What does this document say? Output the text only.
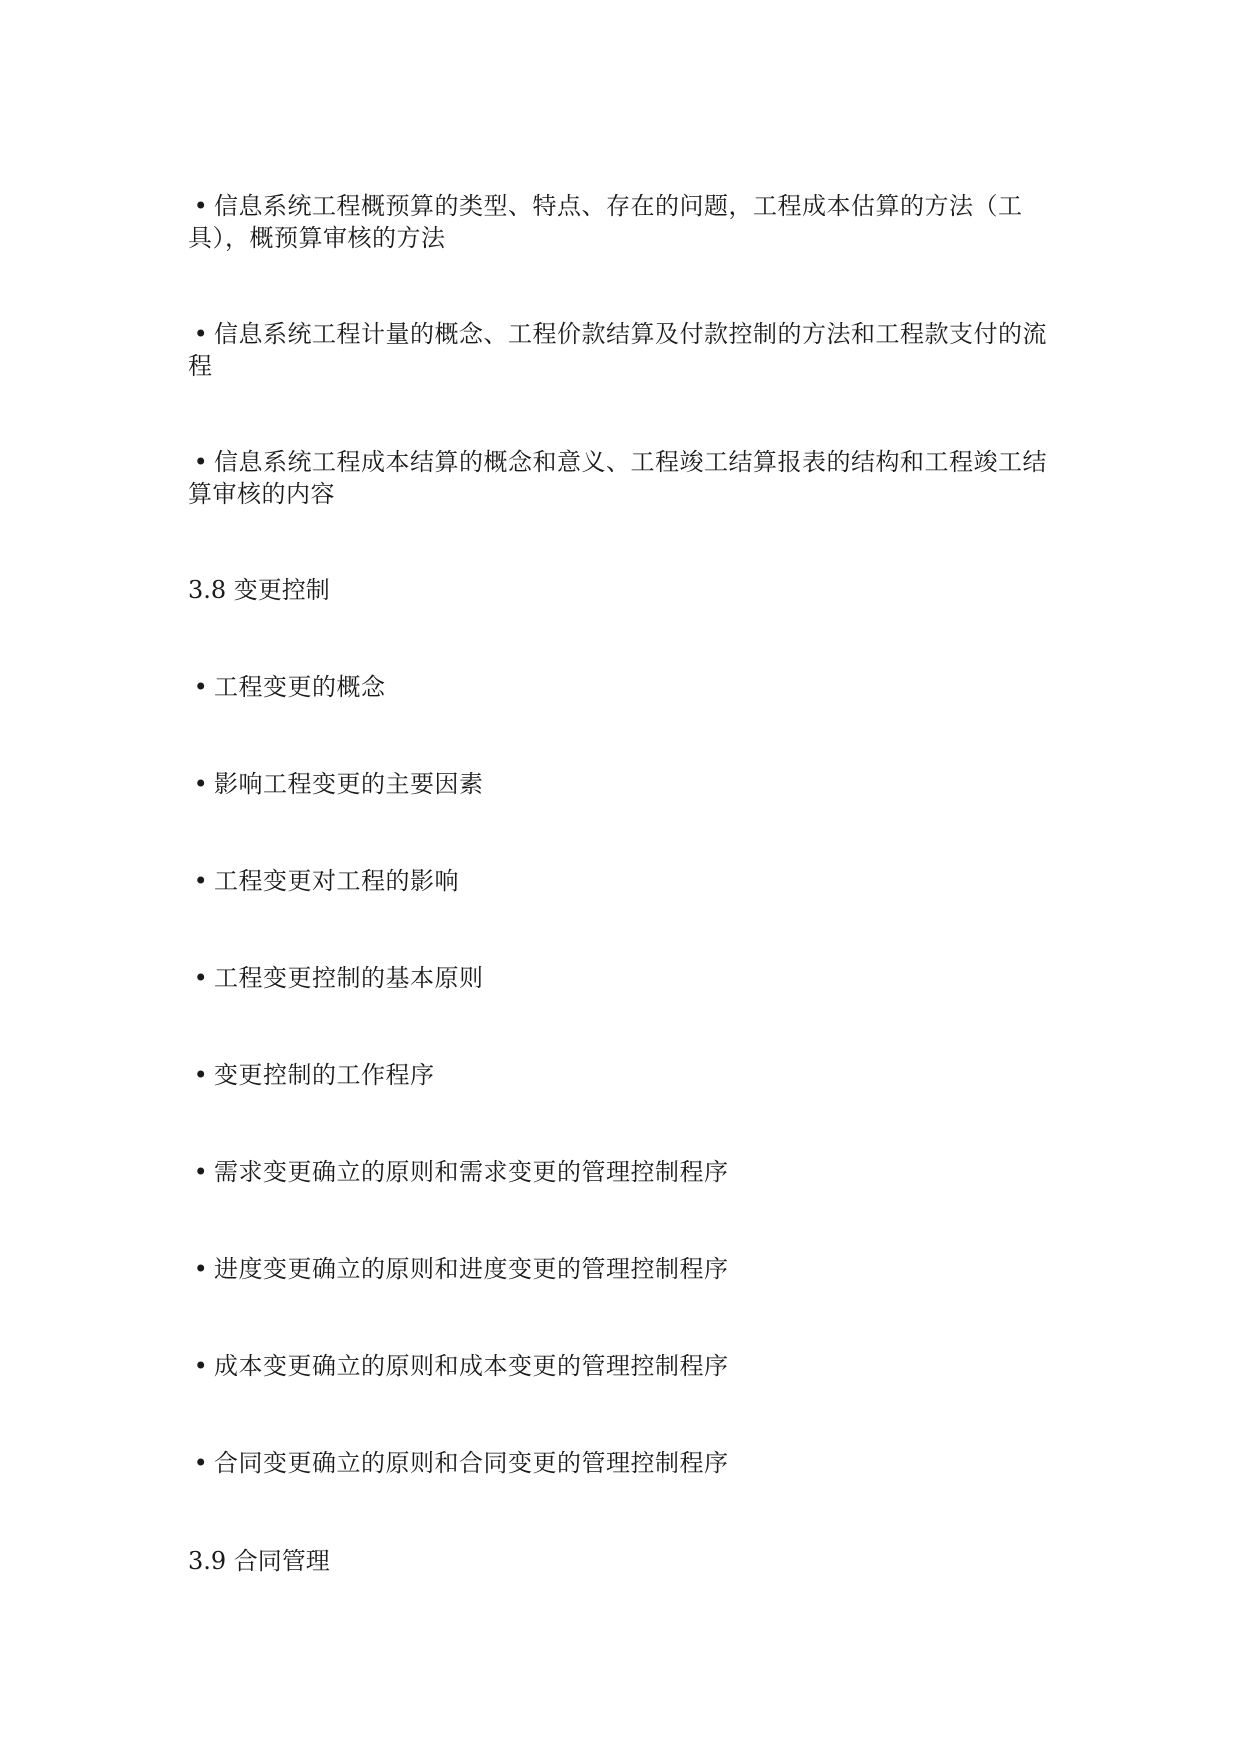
• 信息系统工程概预算的类型、特点、存在的问题，工程成本估算的方法（工具），概预算审核的方法
• 信息系统工程计量的概念、工程价款结算及付款控制的方法和工程款支付的流程
• 信息系统工程成本结算的概念和意义、工程竣工结算报表的结构和工程竣工结算审核的内容
3.8 变更控制
• 工程变更的概念
• 影响工程变更的主要因素
• 工程变更对工程的影响
• 工程变更控制的基本原则
• 变更控制的工作程序
• 需求变更确立的原则和需求变更的管理控制程序
• 进度变更确立的原则和进度变更的管理控制程序
• 成本变更确立的原则和成本变更的管理控制程序
• 合同变更确立的原则和合同变更的管理控制程序
3.9 合同管理
